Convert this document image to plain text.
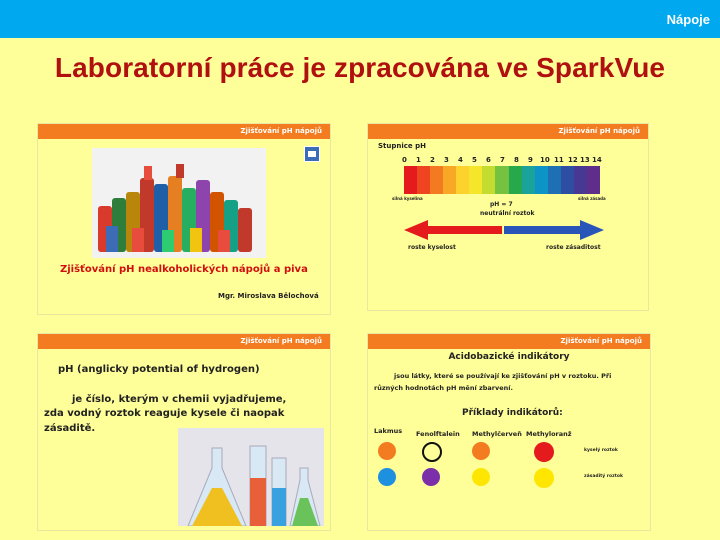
Nápoje
Laboratorní práce je zpracována ve SparkVue
Zjišťování pH nápojů
Zjišťování pH nealkoholických nápojů a piva
Mgr. Miroslava Bělochová
Zjišťování pH nápojů
Stupnice pH
0 1 2 3 4 5 6 7 8 9 10 11 12 13 14
silná kyselina	silná zásada
pH = 7
neutrální roztok
roste kyselost	roste zásaditost
Zjišťování pH nápojů
pH (anglicky potential of hydrogen)
je číslo, kterým v chemii vyjadřujeme,
zda vodný roztok reaguje kysele či naopak
zásaditě.
Zjišťování pH nápojů
Acidobazické indikátory
jsou látky, které se používají ke zjišťování pH v roztoku. Při
různých hodnotách pH mění zbarvení.
Příklady indikátorů:
Lakmus Fenolftalein Methylčerveň Methyloranž
kyselý roztok
zásaditý roztok
